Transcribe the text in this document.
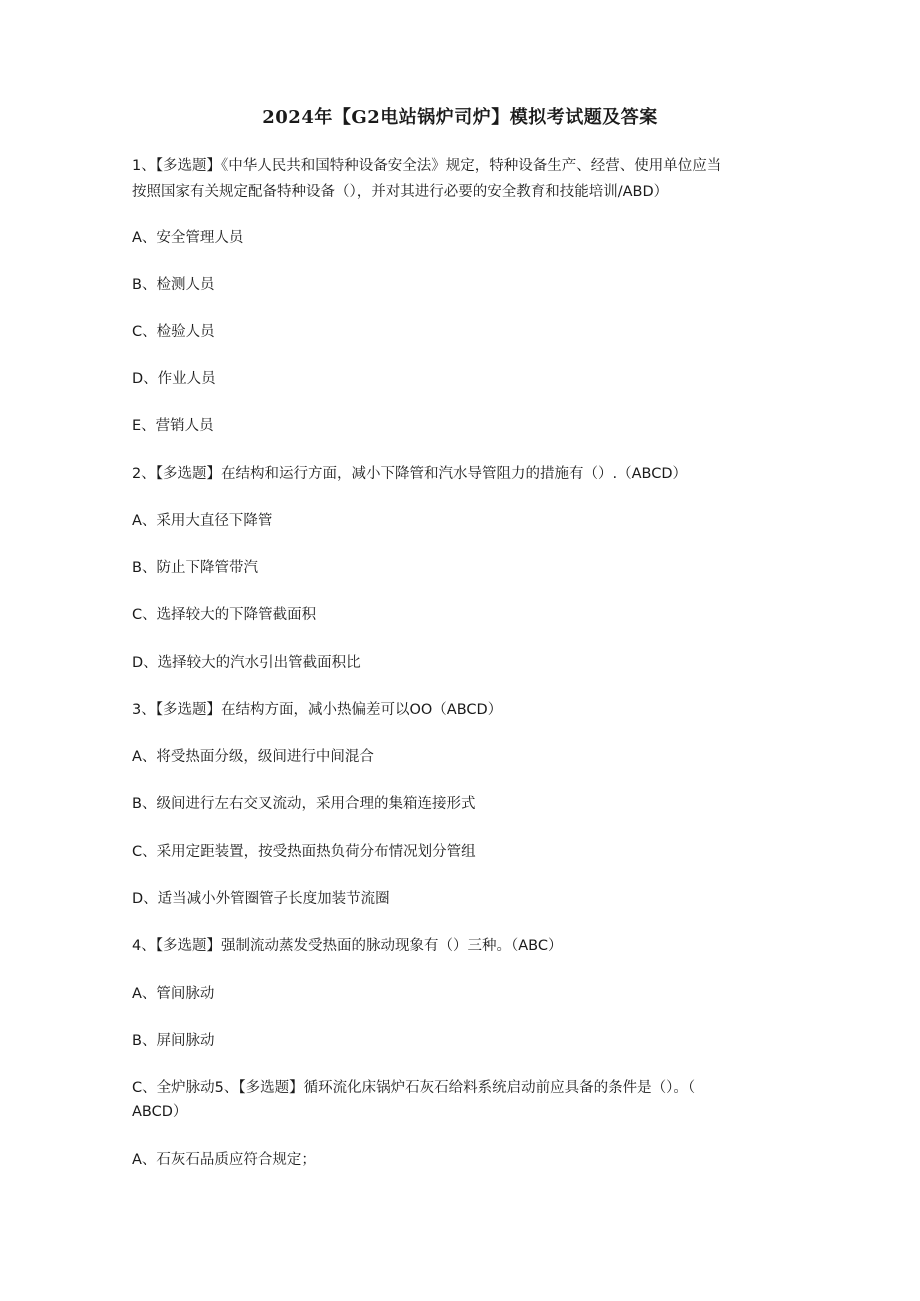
2024年【G2电站锅炉司炉】模拟考试题及答案
1、【多选题】《中华人民共和国特种设备安全法》规定，特种设备生产、经营、使用单位应当
按照国家有关规定配备特种设备（），并对其进行必要的安全教育和技能培训/ABD）
A、安全管理人员
B、检测人员
C、检验人员
D、作业人员
E、营销人员
2、【多选题】在结构和运行方面，减小下降管和汽水导管阻力的措施有（）.（ABCD）
A、采用大直径下降管
B、防止下降管带汽
C、选择较大的下降管截面积
D、选择较大的汽水引出管截面积比
3、【多选题】在结构方面，减小热偏差可以OO（ABCD）
A、将受热面分级，级间进行中间混合
B、级间进行左右交叉流动，采用合理的集箱连接形式
C、采用定距装置，按受热面热负荷分布情况划分管组
D、适当减小外管圈管子长度加装节流圈
4、【多选题】强制流动蒸发受热面的脉动现象有（）三种。（ABC）
A、管间脉动
B、屏间脉动
C、全炉脉动5、【多选题】循环流化床锅炉石灰石给料系统启动前应具备的条件是（）。（
ABCD）
A、石灰石品质应符合规定；
